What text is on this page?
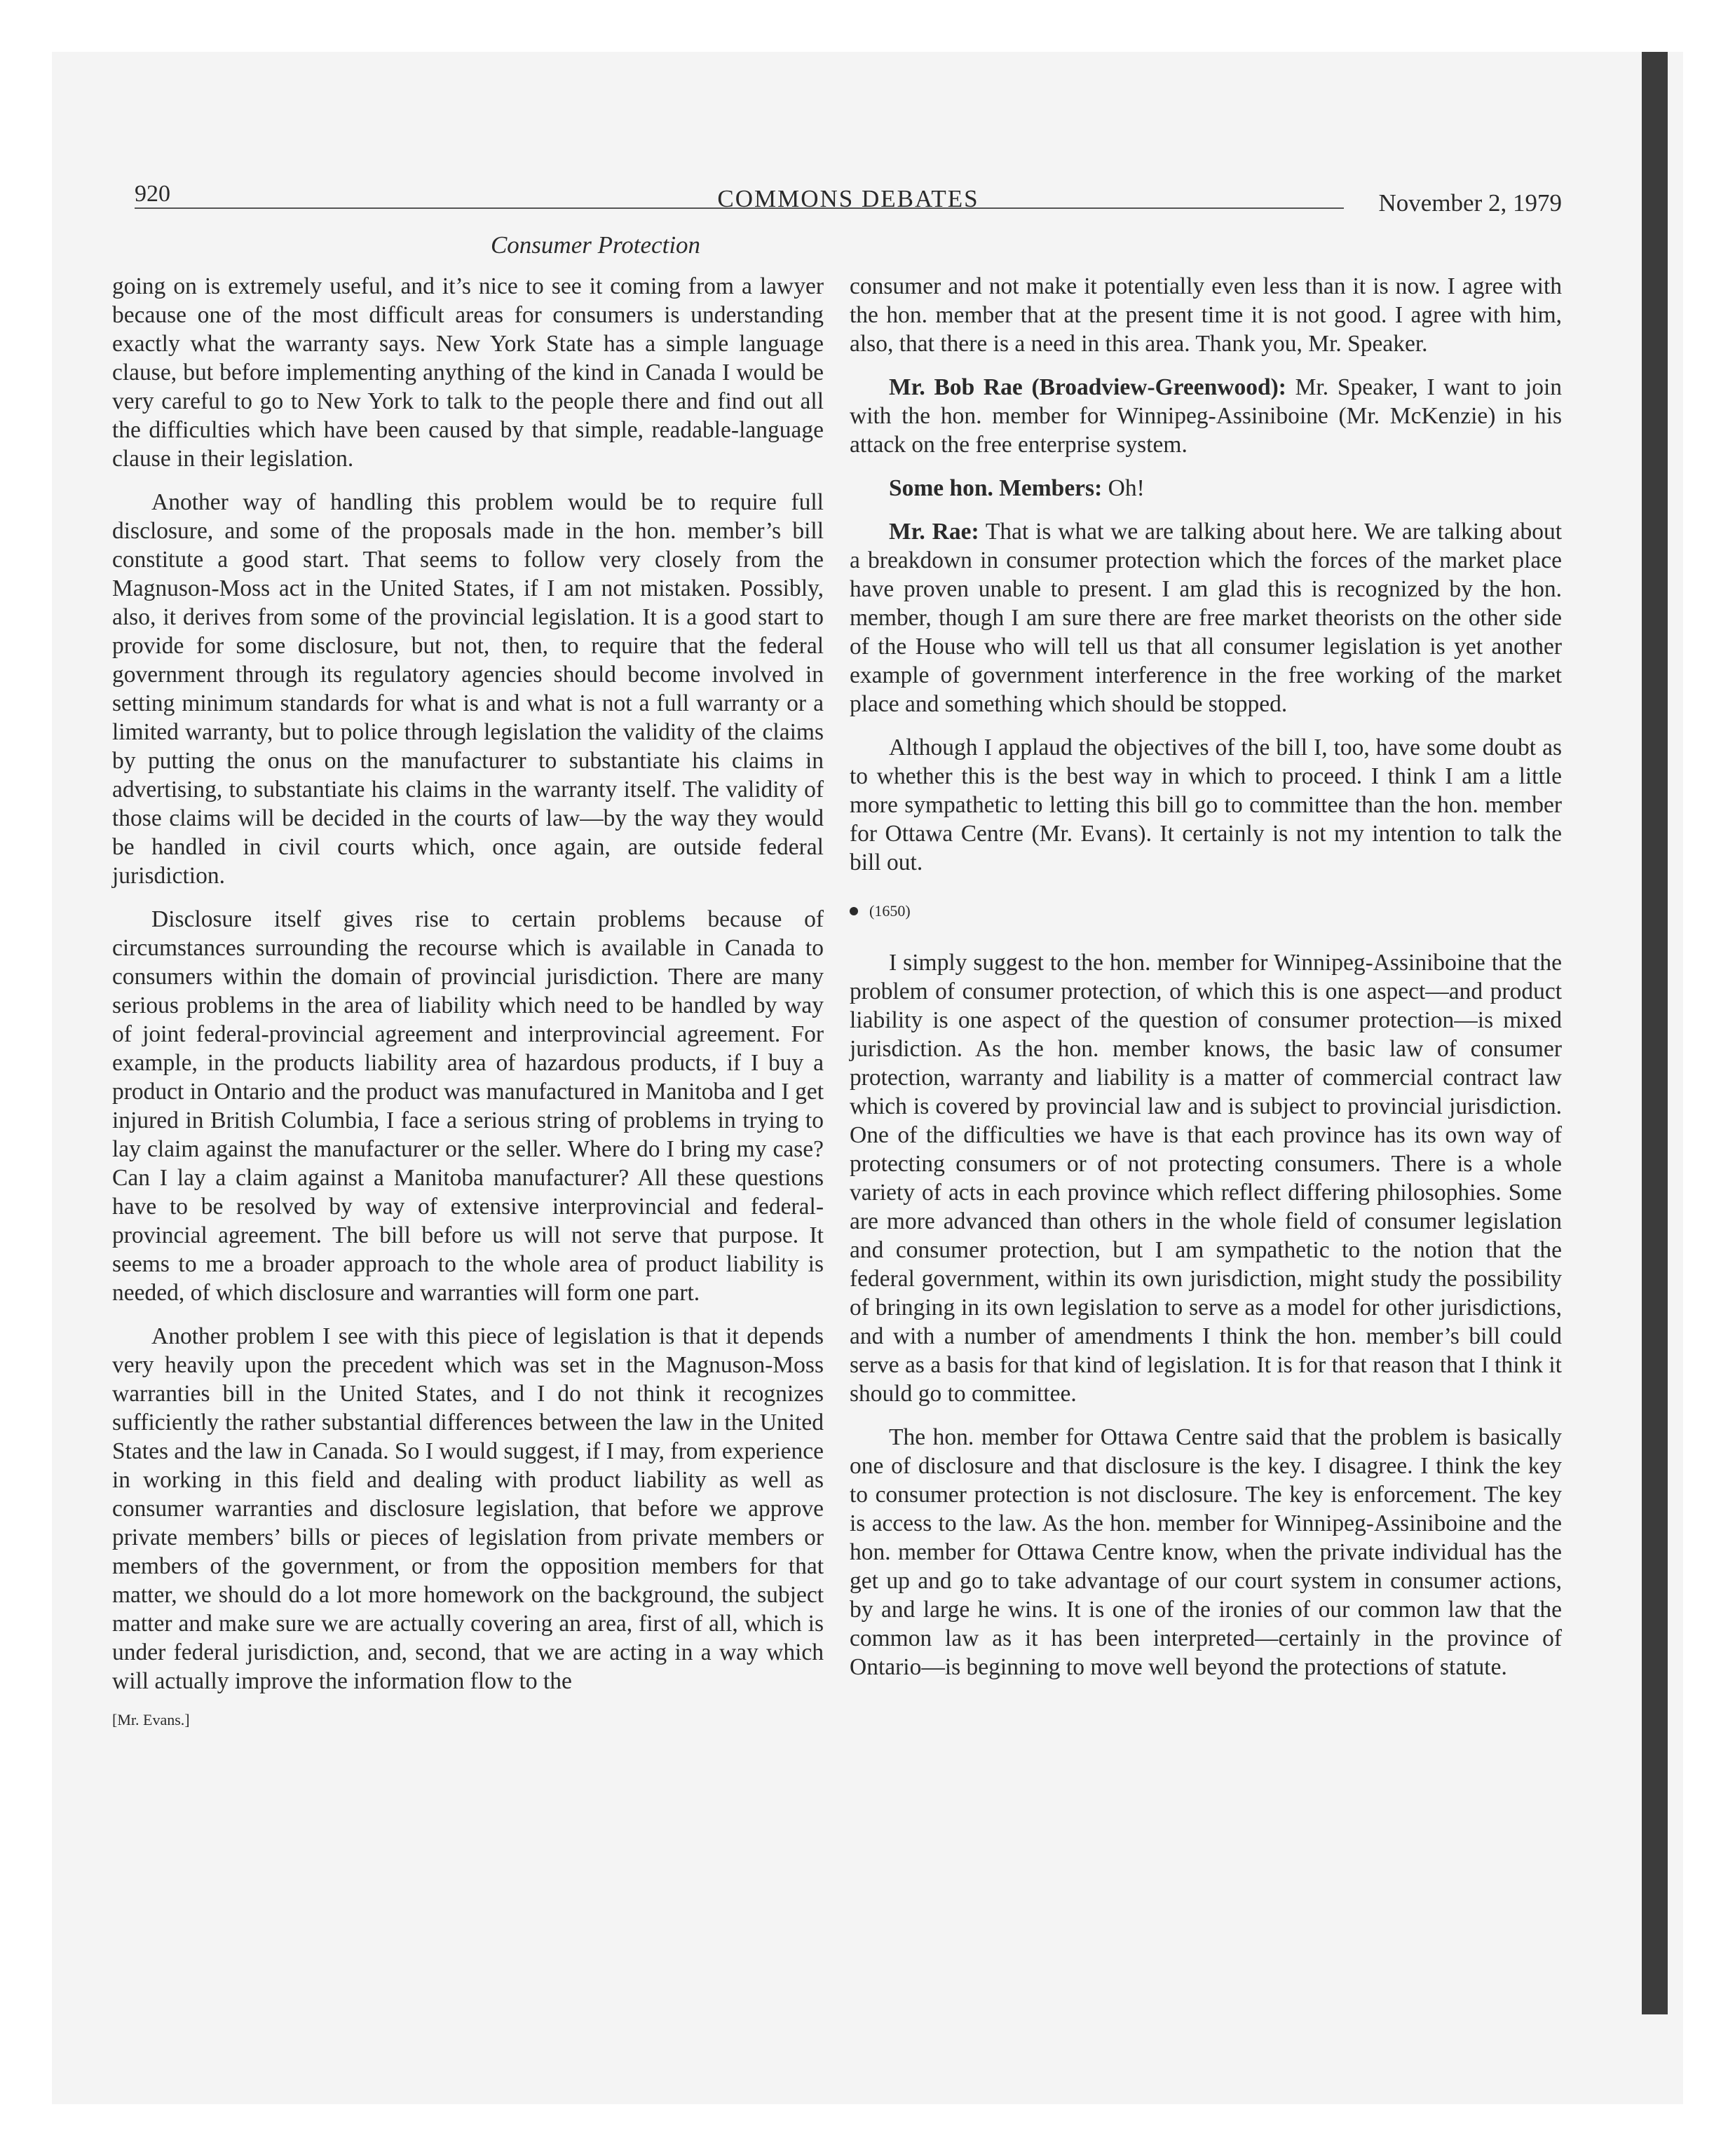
920	COMMONS DEBATES	November 2, 1979
Consumer Protection

going on is extremely useful, and it’s nice to see it coming from a lawyer because one of the most difficult areas for consumers is understanding exactly what the warranty says. New York State has a simple language clause, but before implementing anything of the kind in Canada I would be very careful to go to New York to talk to the people there and find out all the difficulties which have been caused by that simple, readable-language clause in their legislation.

Another way of handling this problem would be to require full disclosure, and some of the proposals made in the hon. member’s bill constitute a good start. That seems to follow very closely from the Magnuson-Moss act in the United States, if I am not mistaken. Possibly, also, it derives from some of the provincial legislation. It is a good start to provide for some disclosure, but not, then, to require that the federal government through its regulatory agencies should become involved in setting minimum standards for what is and what is not a full warranty or a limited warranty, but to police through legislation the validity of the claims by putting the onus on the manufacturer to substantiate his claims in advertising, to substantiate his claims in the warranty itself. The validity of those claims will be decided in the courts of law—by the way they would be handled in civil courts which, once again, are outside federal jurisdiction.

Disclosure itself gives rise to certain problems because of circumstances surrounding the recourse which is available in Canada to consumers within the domain of provincial jurisdiction. There are many serious problems in the area of liability which need to be handled by way of joint federal-provincial agreement and interprovincial agreement. For example, in the products liability area of hazardous products, if I buy a product in Ontario and the product was manufactured in Manitoba and I get injured in British Columbia, I face a serious string of problems in trying to lay claim against the manufacturer or the seller. Where do I bring my case? Can I lay a claim against a Manitoba manufacturer? All these questions have to be resolved by way of extensive interprovincial and federal-provincial agreement. The bill before us will not serve that purpose. It seems to me a broader approach to the whole area of product liability is needed, of which disclosure and warranties will form one part.

Another problem I see with this piece of legislation is that it depends very heavily upon the precedent which was set in the Magnuson-Moss warranties bill in the United States, and I do not think it recognizes sufficiently the rather substantial differences between the law in the United States and the law in Canada. So I would suggest, if I may, from experience in working in this field and dealing with product liability as well as consumer warranties and disclosure legislation, that before we approve private members’ bills or pieces of legislation from private members or members of the government, or from the opposition members for that matter, we should do a lot more homework on the background, the subject matter and make sure we are actually covering an area, first of all, which is under federal jurisdiction, and, second, that we are acting in a way which will actually improve the information flow to the

[Mr. Evans.]

consumer and not make it potentially even less than it is now. I agree with the hon. member that at the present time it is not good. I agree with him, also, that there is a need in this area. Thank you, Mr. Speaker.

Mr. Bob Rae (Broadview-Greenwood): Mr. Speaker, I want to join with the hon. member for Winnipeg-Assiniboine (Mr. McKenzie) in his attack on the free enterprise system.

Some hon. Members: Oh!

Mr. Rae: That is what we are talking about here. We are talking about a breakdown in consumer protection which the forces of the market place have proven unable to present. I am glad this is recognized by the hon. member, though I am sure there are free market theorists on the other side of the House who will tell us that all consumer legislation is yet another example of government interference in the free working of the market place and something which should be stopped.

Although I applaud the objectives of the bill I, too, have some doubt as to whether this is the best way in which to proceed. I think I am a little more sympathetic to letting this bill go to committee than the hon. member for Ottawa Centre (Mr. Evans). It certainly is not my intention to talk the bill out.

(1650)

I simply suggest to the hon. member for Winnipeg-Assiniboine that the problem of consumer protection, of which this is one aspect—and product liability is one aspect of the question of consumer protection—is mixed jurisdiction. As the hon. member knows, the basic law of consumer protection, warranty and liability is a matter of commercial contract law which is covered by provincial law and is subject to provincial jurisdiction. One of the difficulties we have is that each province has its own way of protecting consumers or of not protecting consumers. There is a whole variety of acts in each province which reflect differing philosophies. Some are more advanced than others in the whole field of consumer legislation and consumer protection, but I am sympathetic to the notion that the federal government, within its own jurisdiction, might study the possibility of bringing in its own legislation to serve as a model for other jurisdictions, and with a number of amendments I think the hon. member’s bill could serve as a basis for that kind of legislation. It is for that reason that I think it should go to committee.

The hon. member for Ottawa Centre said that the problem is basically one of disclosure and that disclosure is the key. I disagree. I think the key to consumer protection is not disclosure. The key is enforcement. The key is access to the law. As the hon. member for Winnipeg-Assiniboine and the hon. member for Ottawa Centre know, when the private individual has the get up and go to take advantage of our court system in consumer actions, by and large he wins. It is one of the ironies of our common law that the common law as it has been interpreted—certainly in the province of Ontario—is beginning to move well beyond the protections of statute.
